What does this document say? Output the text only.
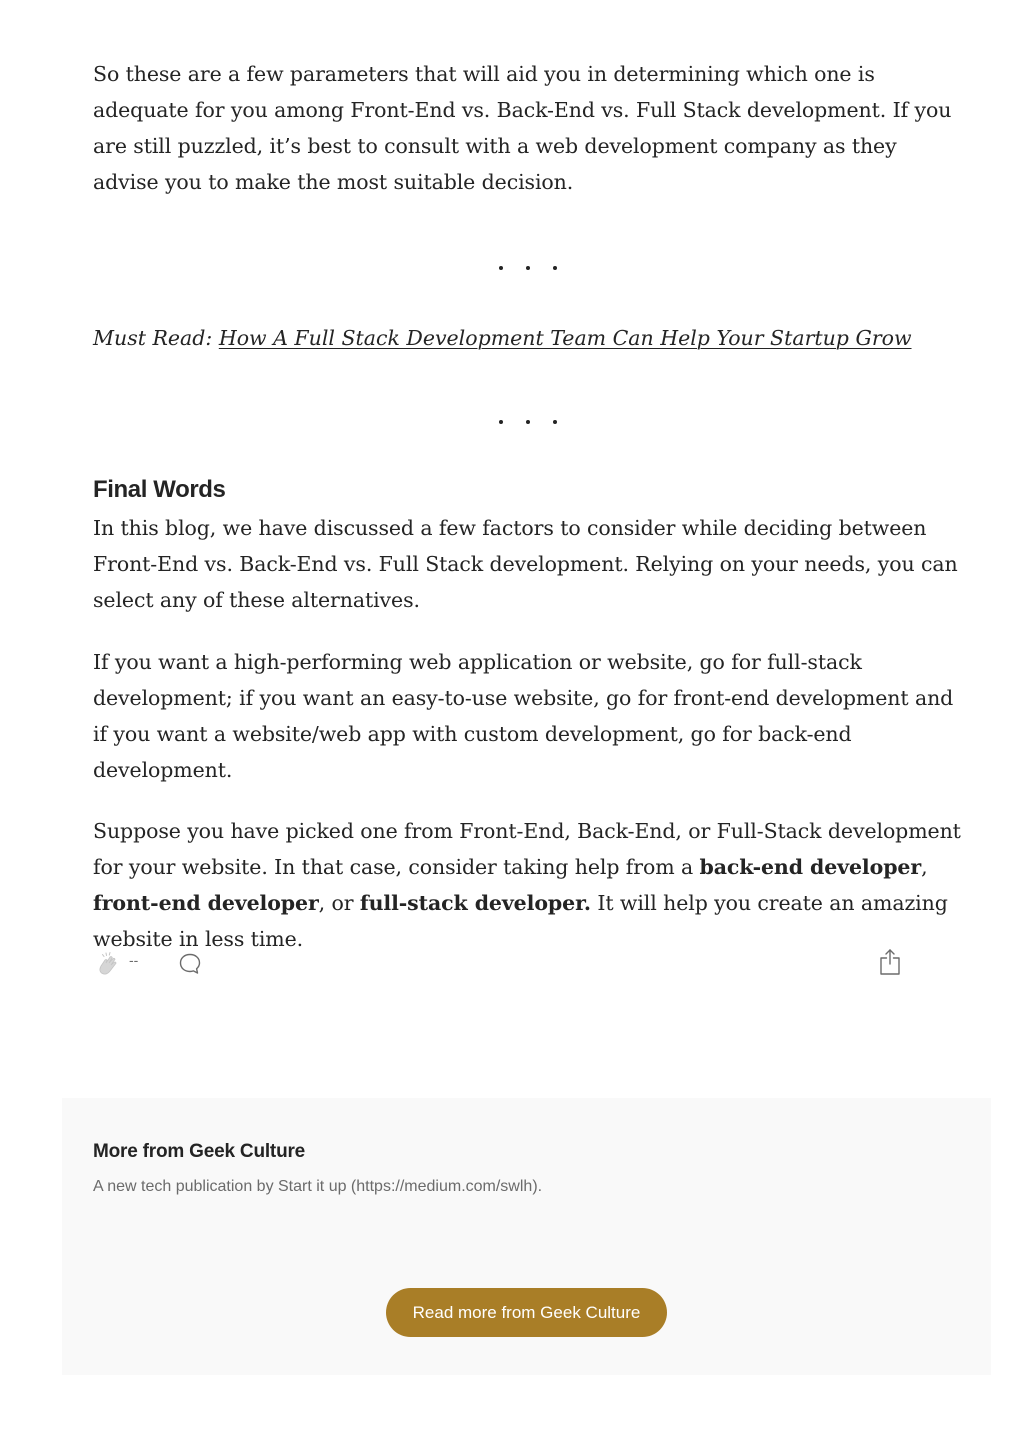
So these are a few parameters that will aid you in determining which one is adequate for you among Front-End vs. Back-End vs. Full Stack development. If you are still puzzled, it’s best to consult with a web development company as they advise you to make the most suitable decision.

Must Read: How A Full Stack Development Team Can Help Your Startup Grow

Final Words

In this blog, we have discussed a few factors to consider while deciding between Front-End vs. Back-End vs. Full Stack development. Relying on your needs, you can select any of these alternatives.

If you want a high-performing web application or website, go for full-stack development; if you want an easy-to-use website, go for front-end development and if you want a website/web app with custom development, go for back-end development.

Suppose you have picked one from Front-End, Back-End, or Full-Stack development for your website. In that case, consider taking help from a back-end developer, front-end developer, or full-stack developer. It will help you create an amazing website in less time.

--
More from Geek Culture
A new tech publication by Start it up (https://medium.com/swlh).
Read more from Geek Culture
